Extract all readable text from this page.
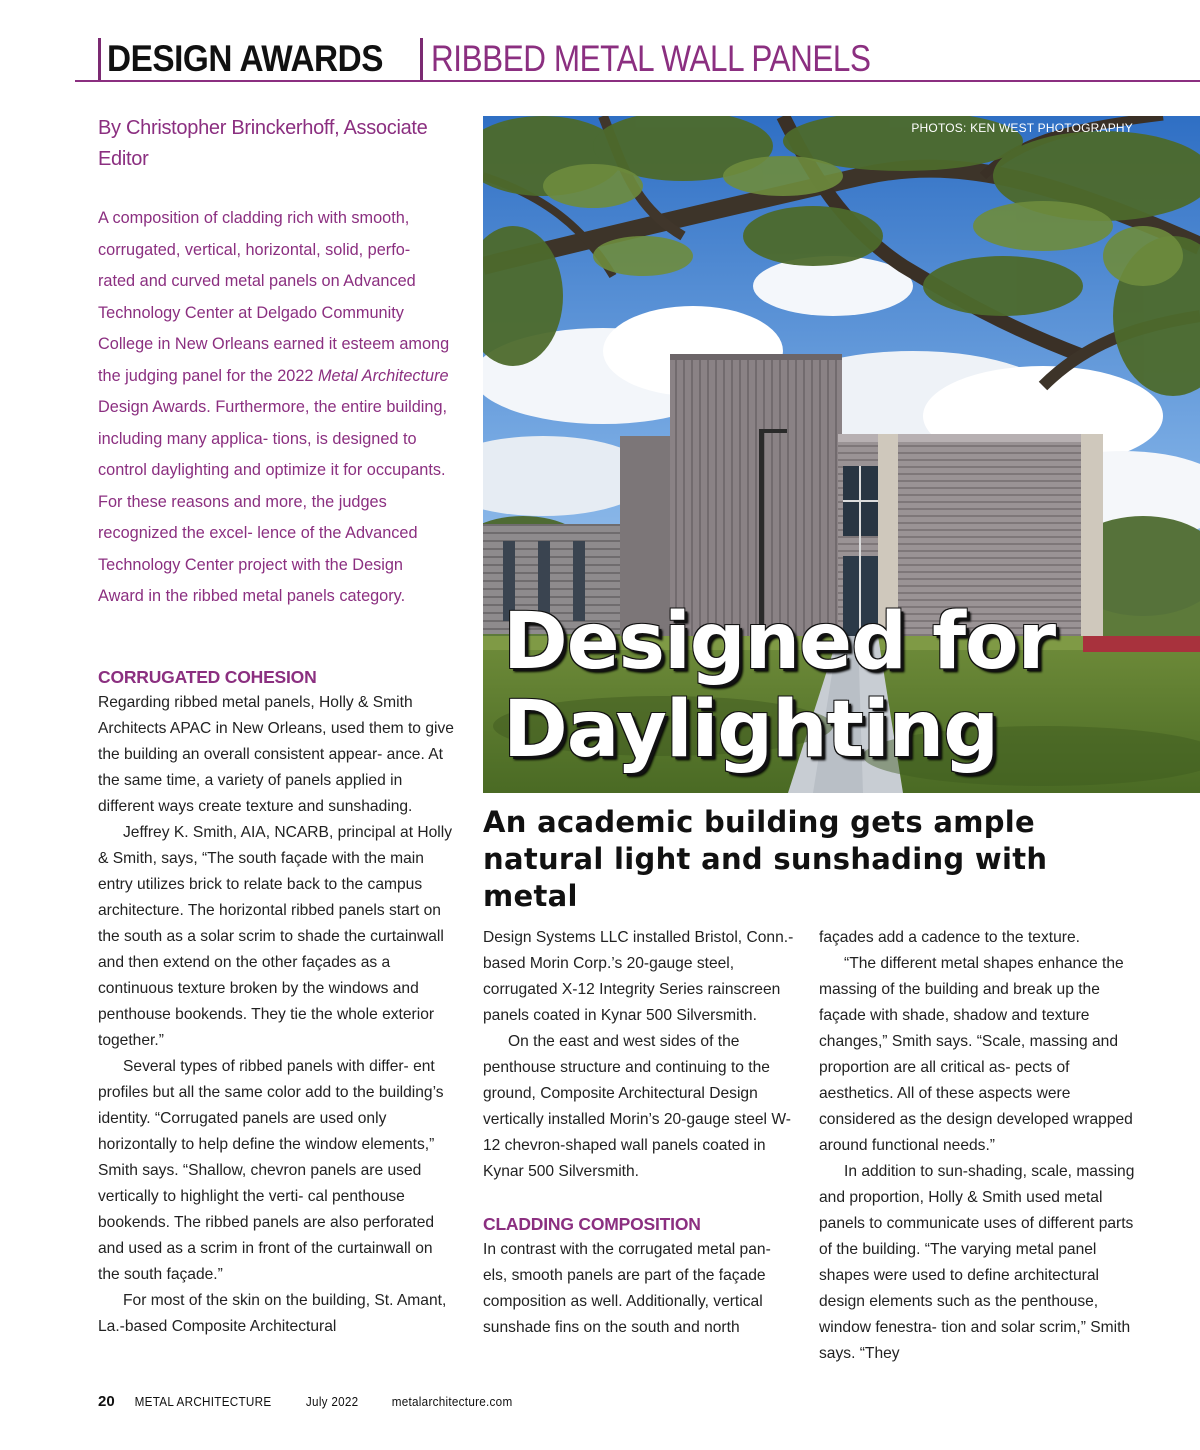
DESIGN AWARDS RIBBED METAL WALL PANELS
By Christopher Brinckerhoff, Associate Editor
A composition of cladding rich with smooth, corrugated, vertical, horizontal, solid, perfo- rated and curved metal panels on Advanced Technology Center at Delgado Community College in New Orleans earned it esteem among the judging panel for the 2022 Metal Architecture Design Awards. Furthermore, the entire building, including many applica- tions, is designed to control daylighting and optimize it for occupants. For these reasons and more, the judges recognized the excel- lence of the Advanced Technology Center project with the Design Award in the ribbed metal panels category.
CORRUGATED COHESION

Regarding ribbed metal panels, Holly & Smith Architects APAC in New Orleans, used them to give the building an overall consistent appear- ance. At the same time, a variety of panels applied in different ways create texture and sunshading.

Jeffrey K. Smith, AIA, NCARB, principal at Holly & Smith, says, “The south façade with the main entry utilizes brick to relate back to the campus architecture. The horizontal ribbed panels start on the south as a solar scrim to shade the curtainwall and then extend on the other façades as a continuous texture broken by the windows and penthouse bookends. They tie the whole exterior together.”

Several types of ribbed panels with differ- ent profiles but all the same color add to the building’s identity. “Corrugated panels are used only horizontally to help define the window elements,” Smith says. “Shallow, chevron panels are used vertically to highlight the verti- cal penthouse bookends. The ribbed panels are also perforated and used as a scrim in front of the curtainwall on the south façade.”

For most of the skin on the building, St. Amant, La.-based Composite Architectural

PHOTOS: KEN WEST PHOTOGRAPHY
Designed for
Daylighting
An academic building gets ample natural light and sunshading with metal

Design Systems LLC installed Bristol, Conn.-based Morin Corp.’s 20-gauge steel, corrugated X-12 Integrity Series rainscreen panels coated in Kynar 500 Silversmith.

On the east and west sides of the penthouse structure and continuing to the ground, Composite Architectural Design vertically installed Morin’s 20-gauge steel W-12 chevron-shaped wall panels coated in Kynar 500 Silversmith.

CLADDING COMPOSITION

In contrast with the corrugated metal pan- els, smooth panels are part of the façade composition as well. Additionally, vertical sunshade fins on the south and north

façades add a cadence to the texture.

“The different metal shapes enhance the massing of the building and break up the façade with shade, shadow and texture changes,” Smith says. “Scale, massing and proportion are all critical as- pects of aesthetics. All of these aspects were considered as the design developed wrapped around functional needs.”

In addition to sun-shading, scale, massing and proportion, Holly & Smith used metal panels to communicate uses of different parts of the building. “The varying metal panel shapes were used to define architectural design elements such as the penthouse, window fenestra- tion and solar scrim,” Smith says. “They

20 METAL ARCHITECTURE	July 2022	metalarchitecture.com
